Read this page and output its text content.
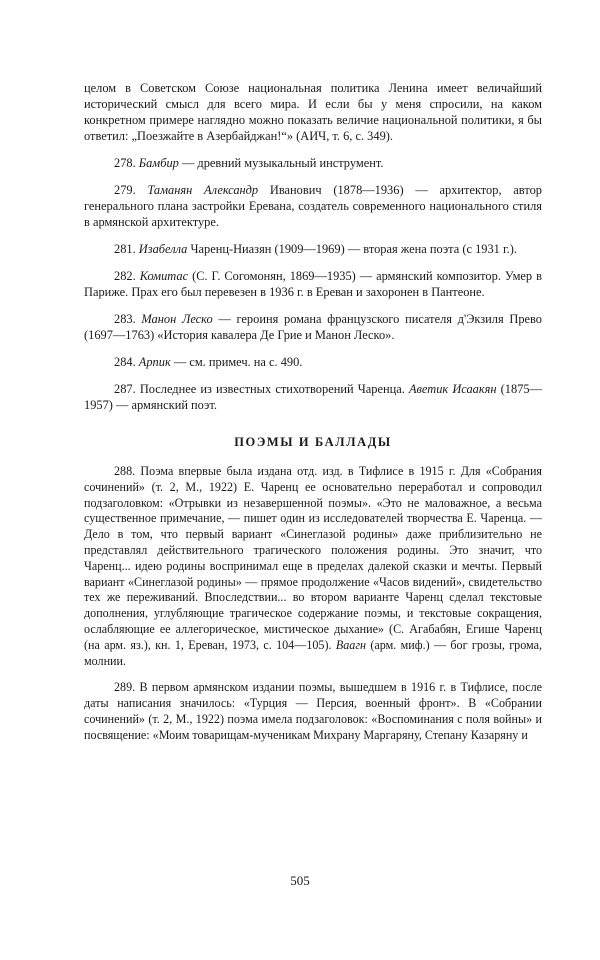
целом в Советском Союзе национальная политика Ленина имеет величайший исторический смысл для всего мира. И если бы у меня спросили, на каком конкретном примере наглядно можно показать величие национальной политики, я бы ответил: „Поезжайте в Азербайджан!“» (АИЧ, т. 6, с. 349).

278. Бамбир — древний музыкальный инструмент.

279. Таманян Александр Иванович (1878—1936) — архитектор, автор генерального плана застройки Еревана, создатель современного национального стиля в армянской архитектуре.

281. Изабелла Чаренц-Ниазян (1909—1969) — вторая жена поэта (с 1931 г.).

282. Комитас (С. Г. Согомонян, 1869—1935) — армянский композитор. Умер в Париже. Прах его был перевезен в 1936 г. в Ереван и захоронен в Пантеоне.

283. Манон Леско — героиня романа французского писателя д'Экзиля Прево (1697—1763) «История кавалера Де Грие и Манон Леско».

284. Арпик — см. примеч. на с. 490.

287. Последнее из известных стихотворений Чаренца. Аветик Исаакян (1875—1957) — армянский поэт.

ПОЭМЫ И БАЛЛАДЫ

288. Поэма впервые была издана отд. изд. в Тифлисе в 1915 г. Для «Собрания сочинений» (т. 2, М., 1922) Е. Чаренц ее основательно переработал и сопроводил подзаголовком: «Отрывки из незавершенной поэмы». «Это не маловажное, а весьма существенное примечание, — пишет один из исследователей творчества Е. Чаренца. — Дело в том, что первый вариант «Синеглазой родины» даже приблизительно не представлял действительного трагического положения родины. Это значит, что Чаренц... идею родины воспринимал еще в пределах далекой сказки и мечты. Первый вариант «Синеглазой родины» — прямое продолжение «Часов видений», свидетельство тех же переживаний. Впоследствии... во втором варианте Чаренц сделал текстовые дополнения, углубляющие трагическое содержание поэмы, и текстовые сокращения, ослабляющие ее аллегорическое, мистическое дыхание» (С. Агабабян, Егише Чаренц (на арм. яз.), кн. 1, Ереван, 1973, с. 104—105). Ваагн (арм. миф.) — бог грозы, грома, молнии.

289. В первом армянском издании поэмы, вышедшем в 1916 г. в Тифлисе, после даты написания значилось: «Турция — Персия, военный фронт». В «Собрании сочинений» (т. 2, М., 1922) поэма имела подзаголовок: «Воспоминания с поля войны» и посвящение: «Моим товарищам-мученикам Михрану Маргаряну, Степану Казаряну и

505
